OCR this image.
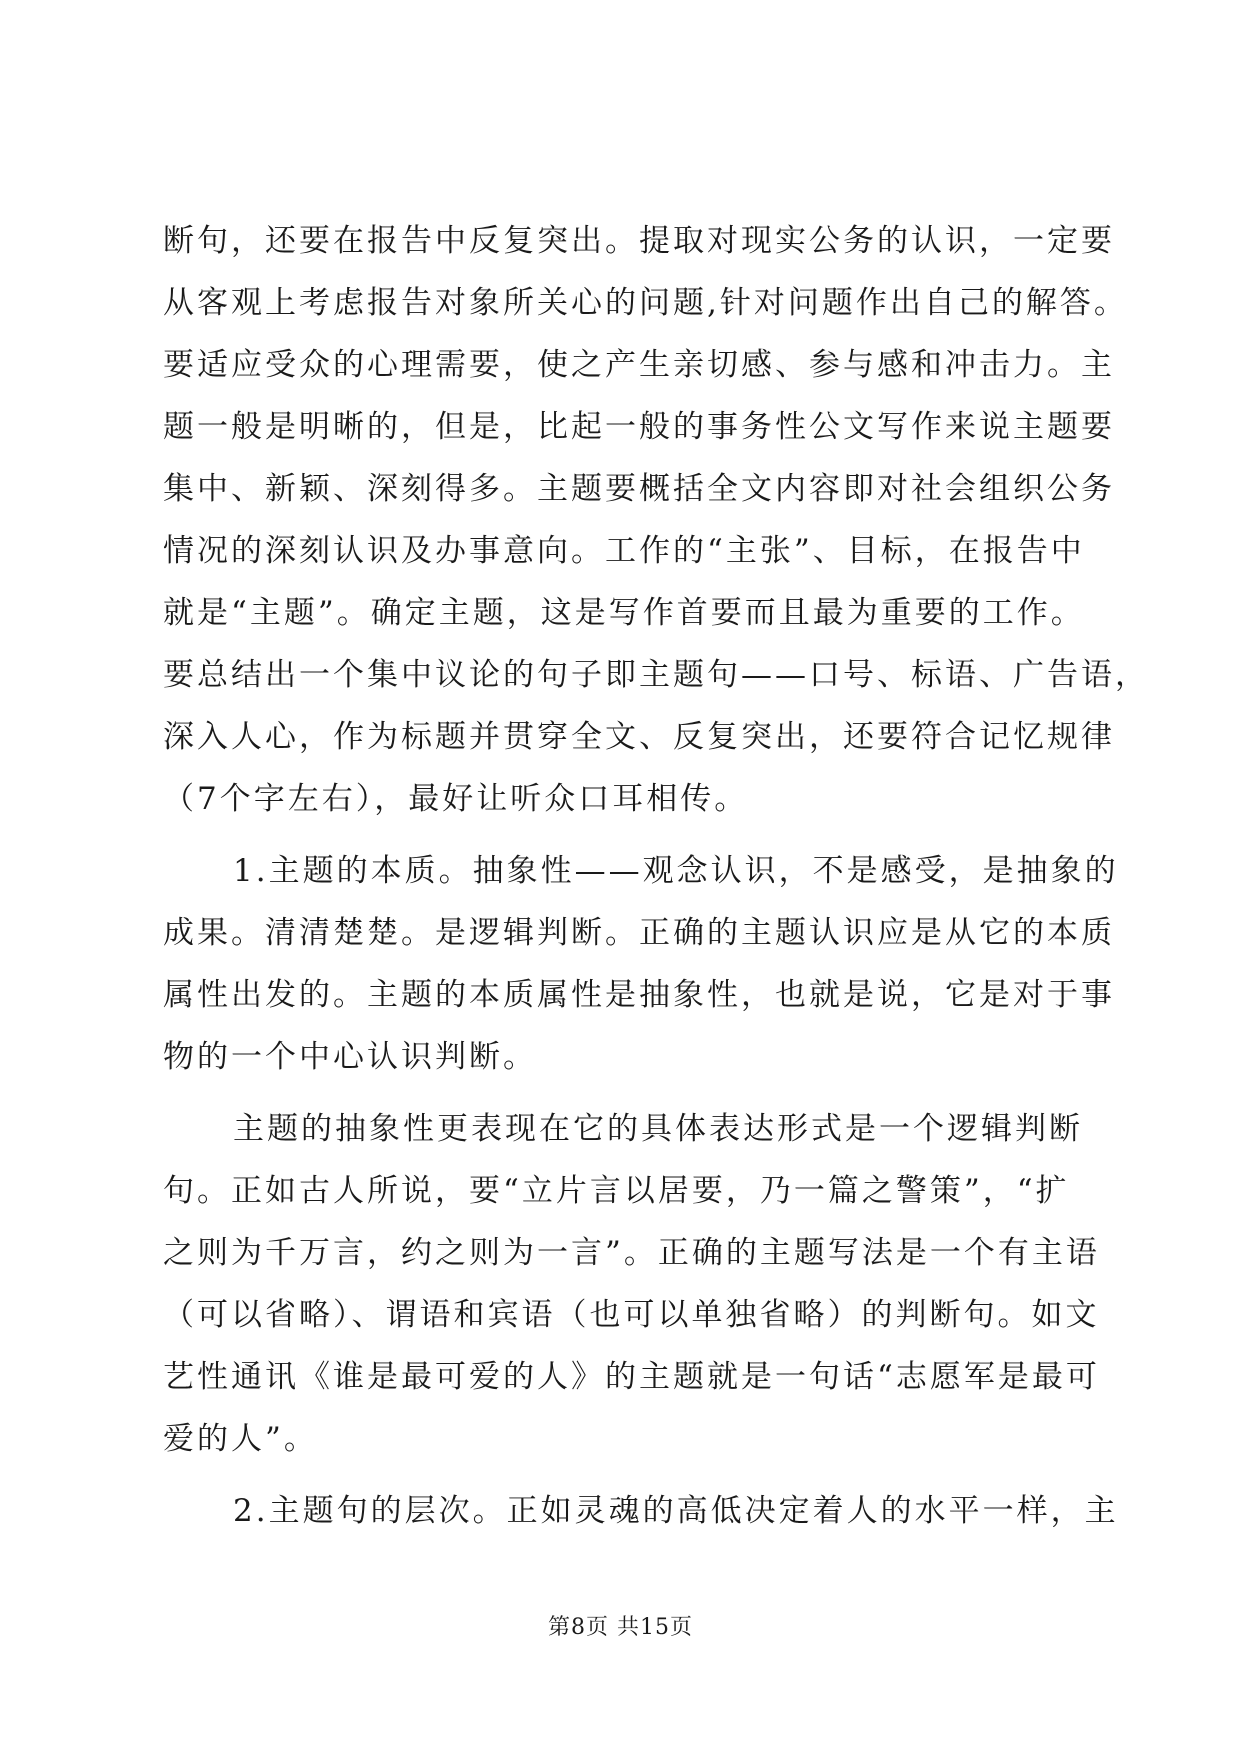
断句，还要在报告中反复突出。提取对现实公务的认识，一定要
从客观上考虑报告对象所关心的问题,针对问题作出自己的解答。
要适应受众的心理需要，使之产生亲切感、参与感和冲击力。主
题一般是明晰的，但是，比起一般的事务性公文写作来说主题要
集中、新颖、深刻得多。主题要概括全文内容即对社会组织公务
情况的深刻认识及办事意向。工作的“主张”、目标，在报告中
就是“主题”。确定主题，这是写作首要而且最为重要的工作。
要总结出一个集中议论的句子即主题句——口号、标语、广告语，
深入人心，作为标题并贯穿全文、反复突出，还要符合记忆规律
（7个字左右），最好让听众口耳相传。
1.主题的本质。抽象性——观念认识，不是感受，是抽象的
成果。清清楚楚。是逻辑判断。正确的主题认识应是从它的本质
属性出发的。主题的本质属性是抽象性，也就是说，它是对于事
物的一个中心认识判断。
主题的抽象性更表现在它的具体表达形式是一个逻辑判断
句。正如古人所说，要“立片言以居要，乃一篇之警策”，“扩
之则为千万言，约之则为一言”。正确的主题写法是一个有主语
（可以省略）、谓语和宾语（也可以单独省略）的判断句。如文
艺性通讯《谁是最可爱的人》的主题就是一句话“志愿军是最可
爱的人”。
2.主题句的层次。正如灵魂的高低决定着人的水平一样，主
第8页 共15页
